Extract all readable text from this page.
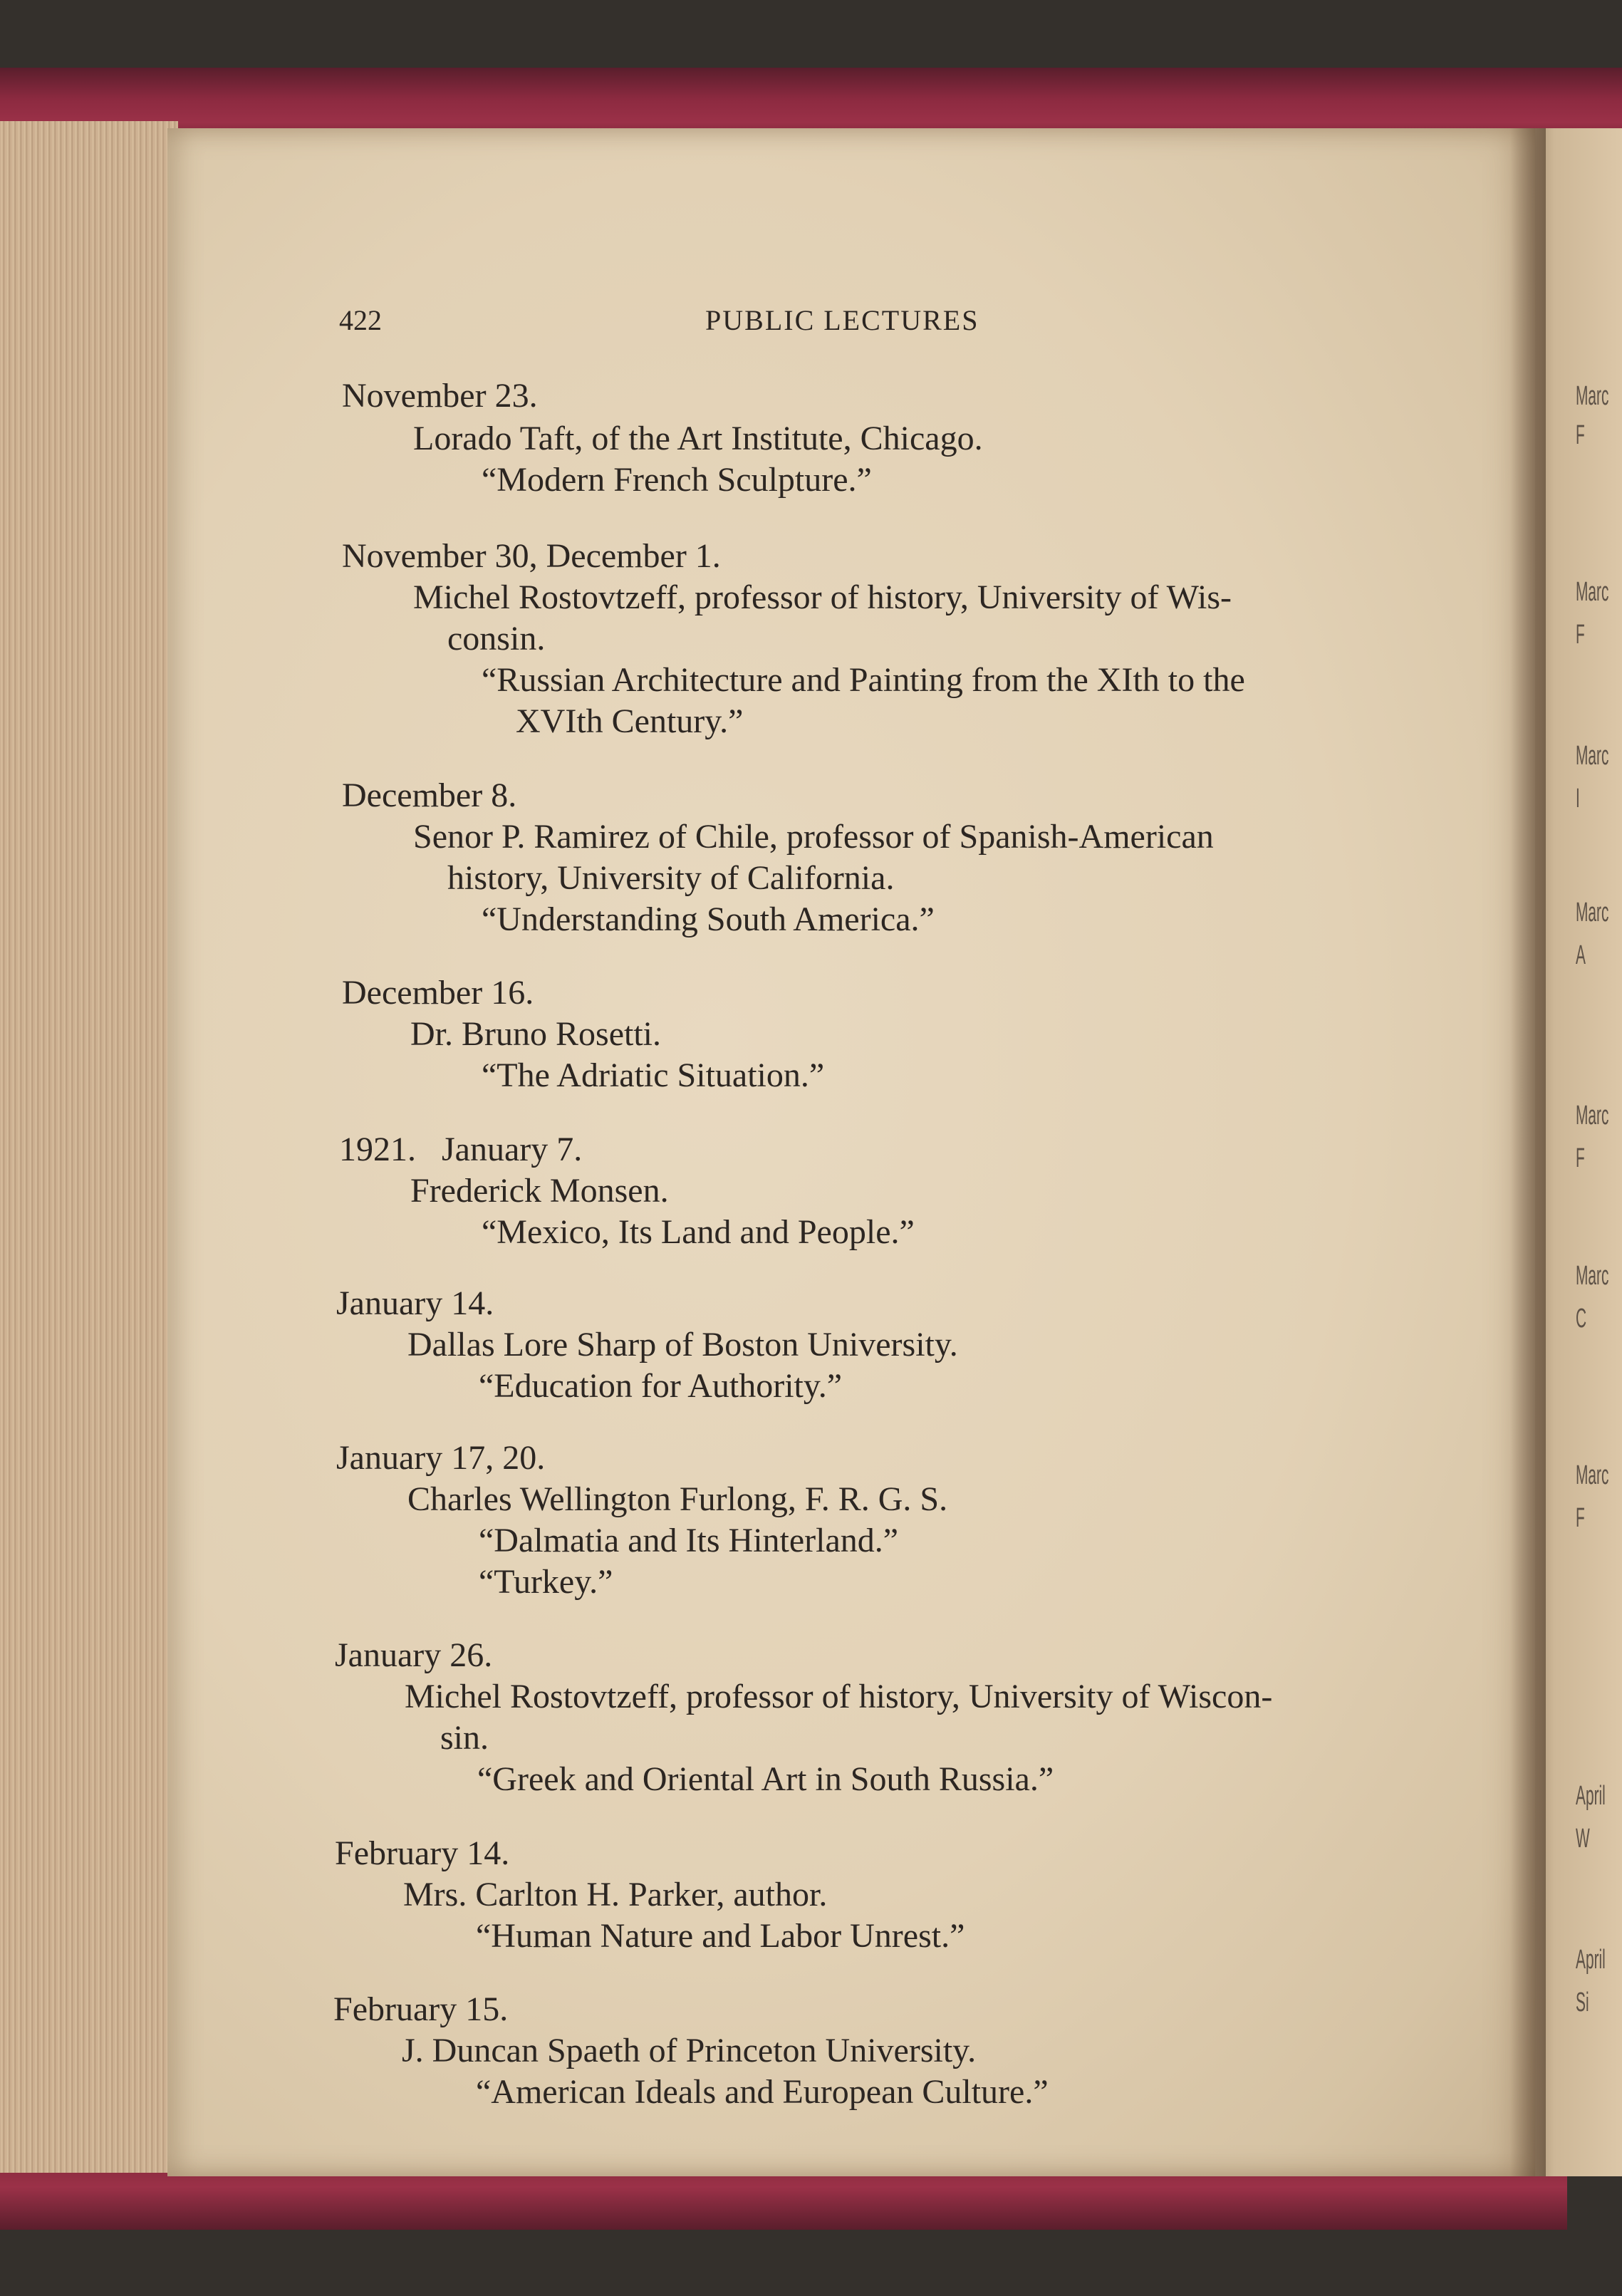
Marc
F
Marc
F
Marc
I
Marc
A
Marc
F
Marc
C
Marc
F
April
W
April
Si
422	PUBLIC LECTURES
November 23.
Lorado Taft, of the Art Institute, Chicago.
“Modern French Sculpture.”
November 30, December 1.
Michel Rostovtzeff, professor of history, University of Wis-
consin.
“Russian Architecture and Painting from the XIth to the
XVIth Century.”
December 8.
Senor P. Ramirez of Chile, professor of Spanish-American
history, University of California.
“Understanding South America.”
December 16.
Dr. Bruno Rosetti.
“The Adriatic Situation.”
1921.   January 7.
Frederick Monsen.
“Mexico, Its Land and People.”
January 14.
Dallas Lore Sharp of Boston University.
“Education for Authority.”
January 17, 20.
Charles Wellington Furlong, F. R. G. S.
“Dalmatia and Its Hinterland.”
“Turkey.”
January 26.
Michel Rostovtzeff, professor of history, University of Wiscon-
sin.
“Greek and Oriental Art in South Russia.”
February 14.
Mrs. Carlton H. Parker, author.
“Human Nature and Labor Unrest.”
February 15.
J. Duncan Spaeth of Princeton University.
“American Ideals and European Culture.”
